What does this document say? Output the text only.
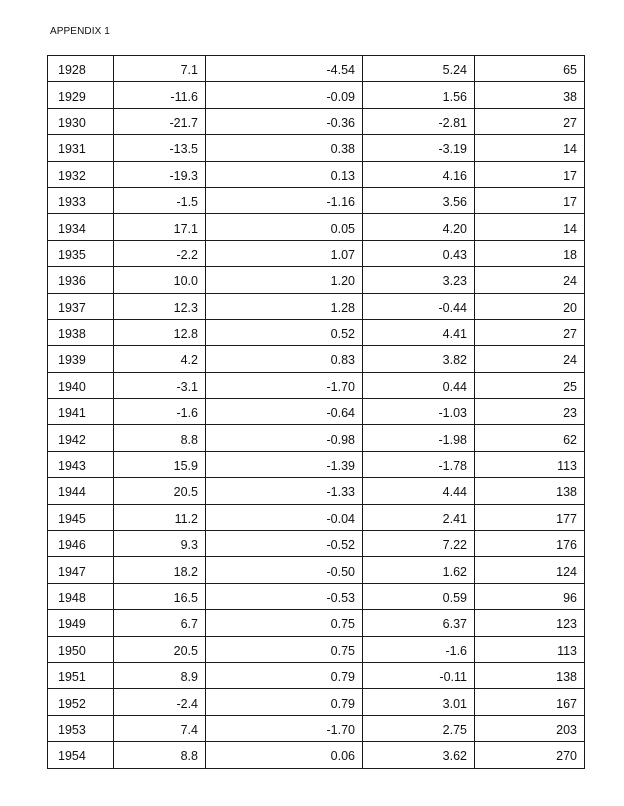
APPENDIX 1
1928	7.1	-4.54	5.24	65
1929	-11.6	-0.09	1.56	38
1930	-21.7	-0.36	-2.81	27
1931	-13.5	0.38	-3.19	14
1932	-19.3	0.13	4.16	17
1933	-1.5	-1.16	3.56	17
1934	17.1	0.05	4.20	14
1935	-2.2	1.07	0.43	18
1936	10.0	1.20	3.23	24
1937	12.3	1.28	-0.44	20
1938	12.8	0.52	4.41	27
1939	4.2	0.83	3.82	24
1940	-3.1	-1.70	0.44	25
1941	-1.6	-0.64	-1.03	23
1942	8.8	-0.98	-1.98	62
1943	15.9	-1.39	-1.78	113
1944	20.5	-1.33	4.44	138
1945	11.2	-0.04	2.41	177
1946	9.3	-0.52	7.22	176
1947	18.2	-0.50	1.62	124
1948	16.5	-0.53	0.59	96
1949	6.7	0.75	6.37	123
1950	20.5	0.75	-1.6	113
1951	8.9	0.79	-0.11	138
1952	-2.4	0.79	3.01	167
1953	7.4	-1.70	2.75	203
1954	8.8	0.06	3.62	270
